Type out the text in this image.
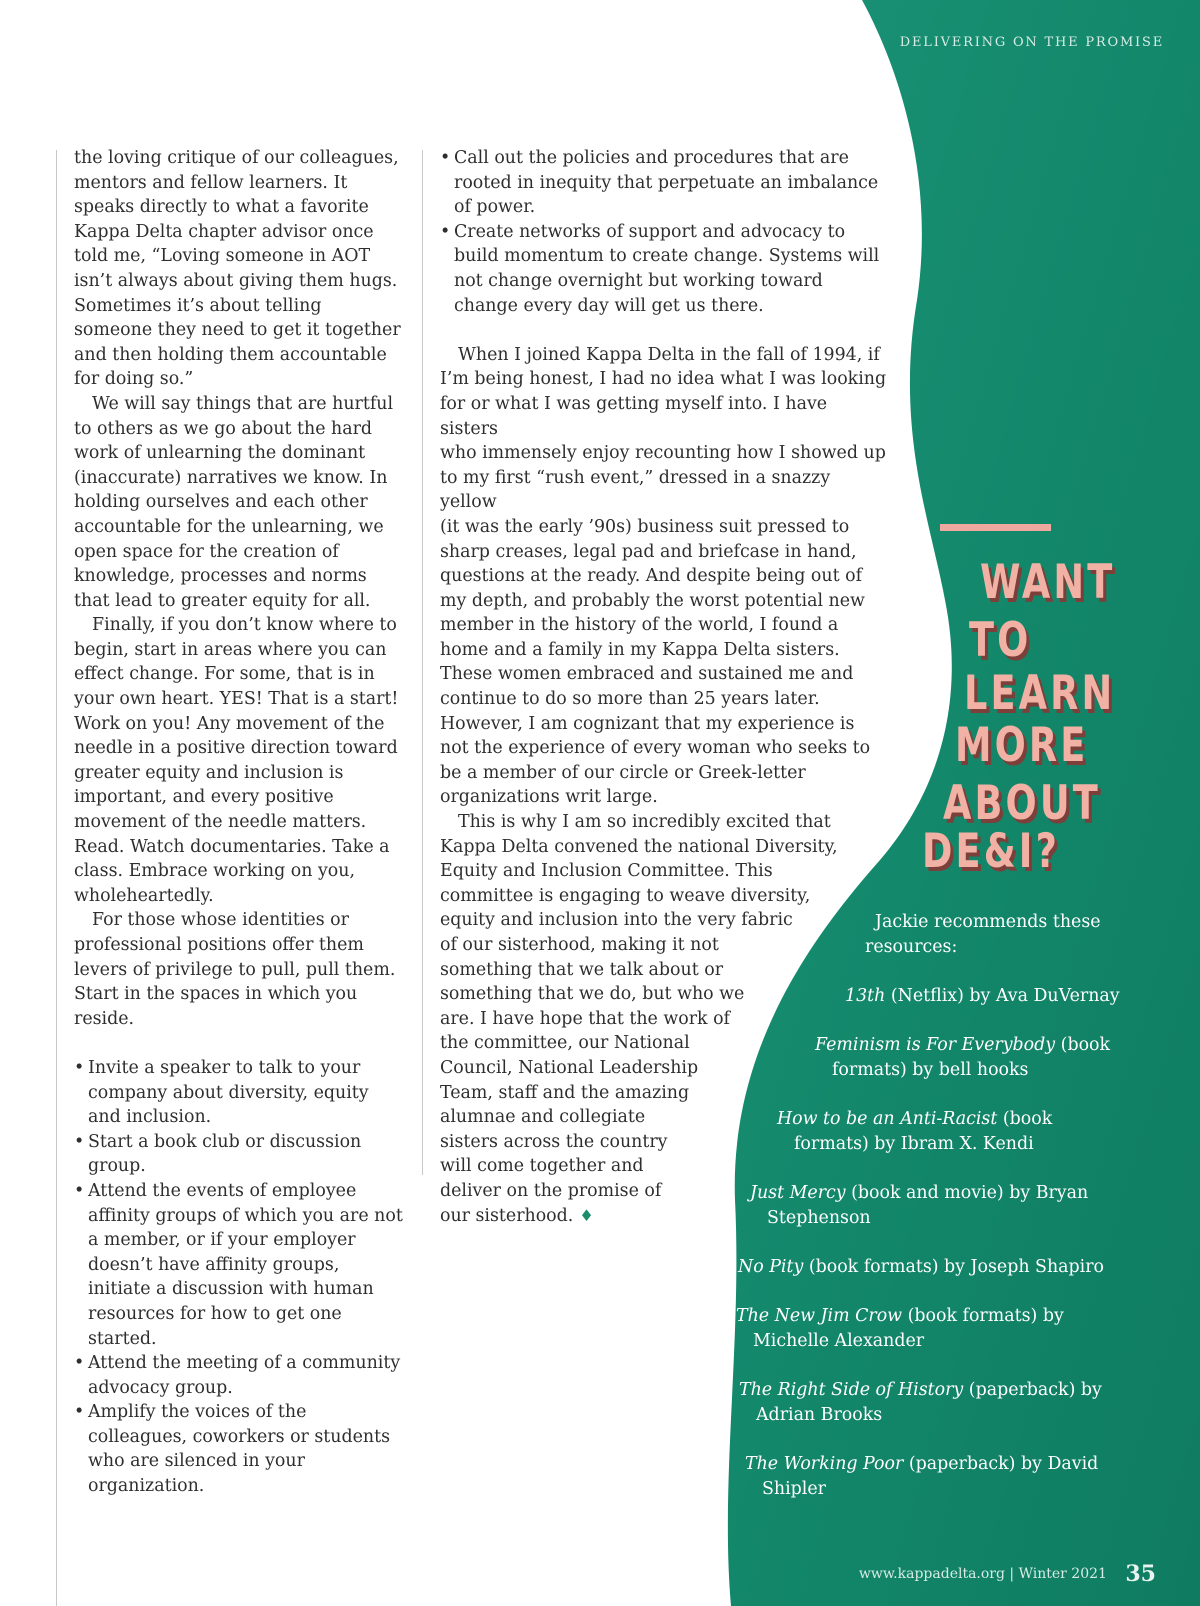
DELIVERING ON THE PROMISE

the loving critique of our colleagues, mentors and fellow learners. It speaks directly to what a favorite Kappa Delta chapter advisor once told me, “Loving someone in AOT isn’t always about giving them hugs. Sometimes it’s about telling someone they need to get it together and then holding them accountable for doing so.”

We will say things that are hurtful to others as we go about the hard work of unlearning the dominant (inaccurate) narratives we know. In holding ourselves and each other accountable for the unlearning, we open space for the creation of knowledge, processes and norms that lead to greater equity for all.

Finally, if you don’t know where to begin, start in areas where you can effect change. For some, that is in your own heart. YES! That is a start! Work on you! Any movement of the needle in a positive direction toward greater equity and inclusion is important, and every positive movement of the needle matters. Read. Watch documentaries. Take a class. Embrace working on you, wholeheartedly.

For those whose identities or professional positions offer them levers of privilege to pull, pull them. Start in the spaces in which you reside.

• Invite a speaker to talk to your company about diversity, equity and inclusion.
• Start a book club or discussion group.
• Attend the events of employee affinity groups of which you are not a member, or if your employer doesn’t have affinity groups, initiate a discussion with human resources for how to get one started.
• Attend the meeting of a community advocacy group.
• Amplify the voices of the colleagues, coworkers or students who are silenced in your organization.
• Call out the policies and procedures that are rooted in inequity that perpetuate an imbalance of power.
• Create networks of support and advocacy to build momentum to create change. Systems will not change overnight but working toward change every day will get us there.

When I joined Kappa Delta in the fall of 1994, if
I’m being honest, I had no idea what I was looking
for or what I was getting myself into. I have sisters
who immensely enjoy recounting how I showed up
to my first “rush event,” dressed in a snazzy yellow
(it was the early ’90s) business suit pressed to
sharp creases, legal pad and briefcase in hand,
questions at the ready. And despite being out of
my depth, and probably the worst potential new
member in the history of the world, I found a
home and a family in my Kappa Delta sisters.
These women embraced and sustained me and
continue to do so more than 25 years later.
However, I am cognizant that my experience is
not the experience of every woman who seeks to
be a member of our circle or Greek-letter
organizations writ large.

This is why I am so incredibly excited that
Kappa Delta convened the national Diversity,
Equity and Inclusion Committee. This
committee is engaging to weave diversity,
equity and inclusion into the very fabric
of our sisterhood, making it not
something that we talk about or
something that we do, but who we
are. I have hope that the work of
the committee, our National
Council, National Leadership
Team, staff and the amazing
alumnae and collegiate
sisters across the country
will come together and
deliver on the promise of
our sisterhood. ♦

WANT
TO
LEARN
MORE
ABOUT
DE&I?
Jackie recommends these
resources:
13th (Netflix) by Ava DuVernay
Feminism is For Everybody (book formats) by bell hooks
How to be an Anti-Racist (book formats) by Ibram X. Kendi
Just Mercy (book and movie) by Bryan Stephenson
No Pity (book formats) by Joseph Shapiro
The New Jim Crow (book formats) by Michelle Alexander
The Right Side of History (paperback) by Adrian Brooks
The Working Poor (paperback) by David Shipler
www.kappadelta.org | Winter 2021 35
